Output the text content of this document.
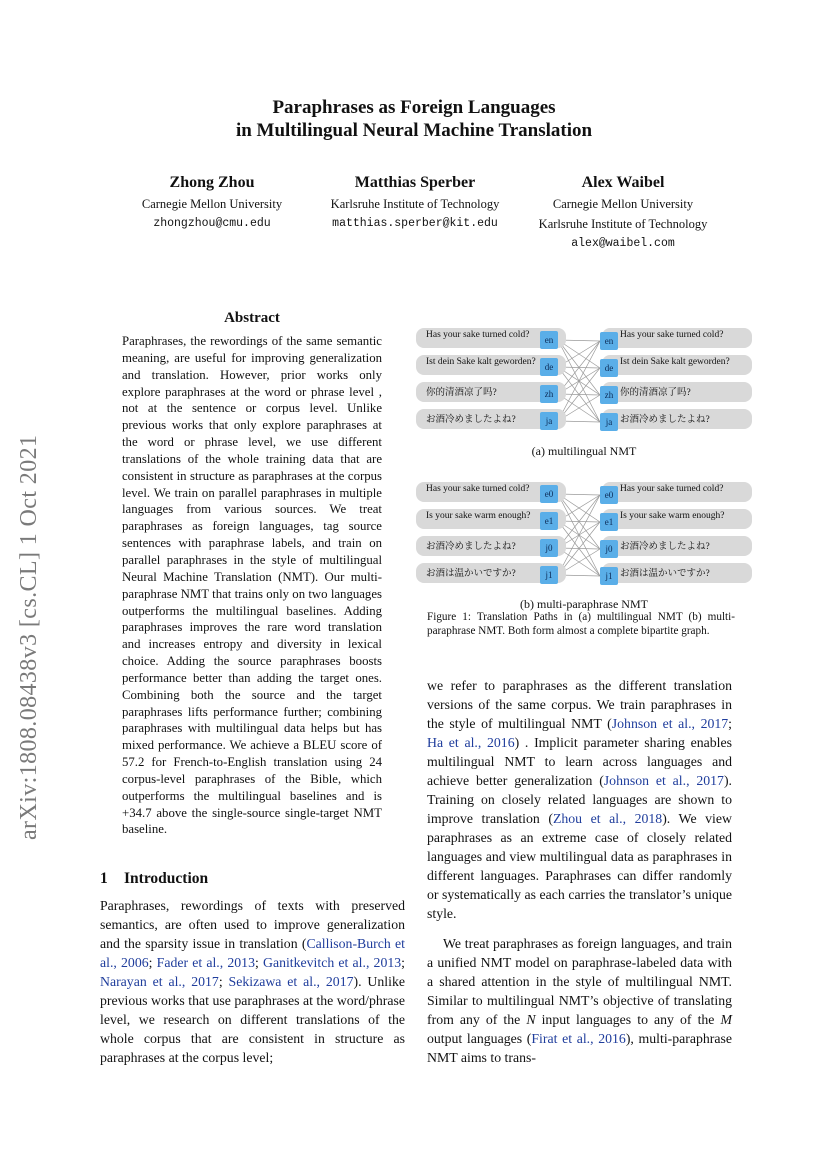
Paraphrases as Foreign Languages
in Multilingual Neural Machine Translation
Zhong Zhou
Carnegie Mellon University
zhongzhou@cmu.edu
Matthias Sperber
Karlsruhe Institute of Technology
matthias.sperber@kit.edu
Alex Waibel
Carnegie Mellon University
Karlsruhe Institute of Technology
alex@waibel.com
arXiv:1808.08438v3 [cs.CL] 1 Oct 2021
Abstract
Paraphrases, the rewordings of the same semantic meaning, are useful for improving generalization and translation. However, prior works only explore paraphrases at the word or phrase level , not at the sentence or corpus level. Unlike previous works that only explore paraphrases at the word or phrase level, we use different translations of the whole training data that are consistent in structure as paraphrases at the corpus level. We train on parallel paraphrases in multiple languages from various sources. We treat paraphrases as foreign languages, tag source sentences with paraphrase labels, and train on parallel paraphrases in the style of multilingual Neural Machine Translation (NMT). Our multi-paraphrase NMT that trains only on two languages outperforms the multilingual baselines. Adding paraphrases improves the rare word translation and increases entropy and diversity in lexical choice. Adding the source paraphrases boosts performance better than adding the target ones. Combining both the source and the target paraphrases lifts performance further; combining paraphrases with multilingual data helps but has mixed performance. We achieve a BLEU score of 57.2 for French-to-English translation using 24 corpus-level paraphrases of the Bible, which outperforms the multilingual baselines and is +34.7 above the single-source single-target NMT baseline.
1 Introduction
Paraphrases, rewordings of texts with preserved semantics, are often used to improve generalization and the sparsity issue in translation (Callison-Burch et al., 2006; Fader et al., 2013; Ganitkevitch et al., 2013; Narayan et al., 2017; Sekizawa et al., 2017). Unlike previous works that use paraphrases at the word/phrase level, we research on different translations of the whole corpus that are consistent in structure as paraphrases at the corpus level;
Has your sake turned cold?	Has your sake turned cold?
en	en
Ist dein Sake kalt geworden?	Ist dein Sake kalt geworden?
de	de
你的清酒凉了吗?	你的清酒凉了吗?
zh	zh
お酒冷めましたよね?	お酒冷めましたよね?
ja	ja
(a) multilingual NMT
Has your sake turned cold?	Has your sake turned cold?
e0	e0
Is your sake warm enough?	Is your sake warm enough?
e1	e1
お酒冷めましたよね?	お酒冷めましたよね?
j0	j0
お酒は温かいですか?	お酒は温かいですか?
j1	j1
(b) multi-paraphrase NMT
Figure 1: Translation Paths in (a) multilingual NMT (b) multi-paraphrase NMT. Both form almost a complete bipartite graph.
we refer to paraphrases as the different translation versions of the same corpus. We train paraphrases in the style of multilingual NMT (Johnson et al., 2017; Ha et al., 2016) . Implicit parameter sharing enables multilingual NMT to learn across languages and achieve better generalization (Johnson et al., 2017). Training on closely related languages are shown to improve translation (Zhou et al., 2018). We view paraphrases as an extreme case of closely related languages and view multilingual data as paraphrases in different languages. Paraphrases can differ randomly or systematically as each carries the translator’s unique style.
We treat paraphrases as foreign languages, and train a unified NMT model on paraphrase-labeled data with a shared attention in the style of multilingual NMT. Similar to multilingual NMT’s objective of translating from any of the N input languages to any of the M output languages (Firat et al., 2016), multi-paraphrase NMT aims to trans-
